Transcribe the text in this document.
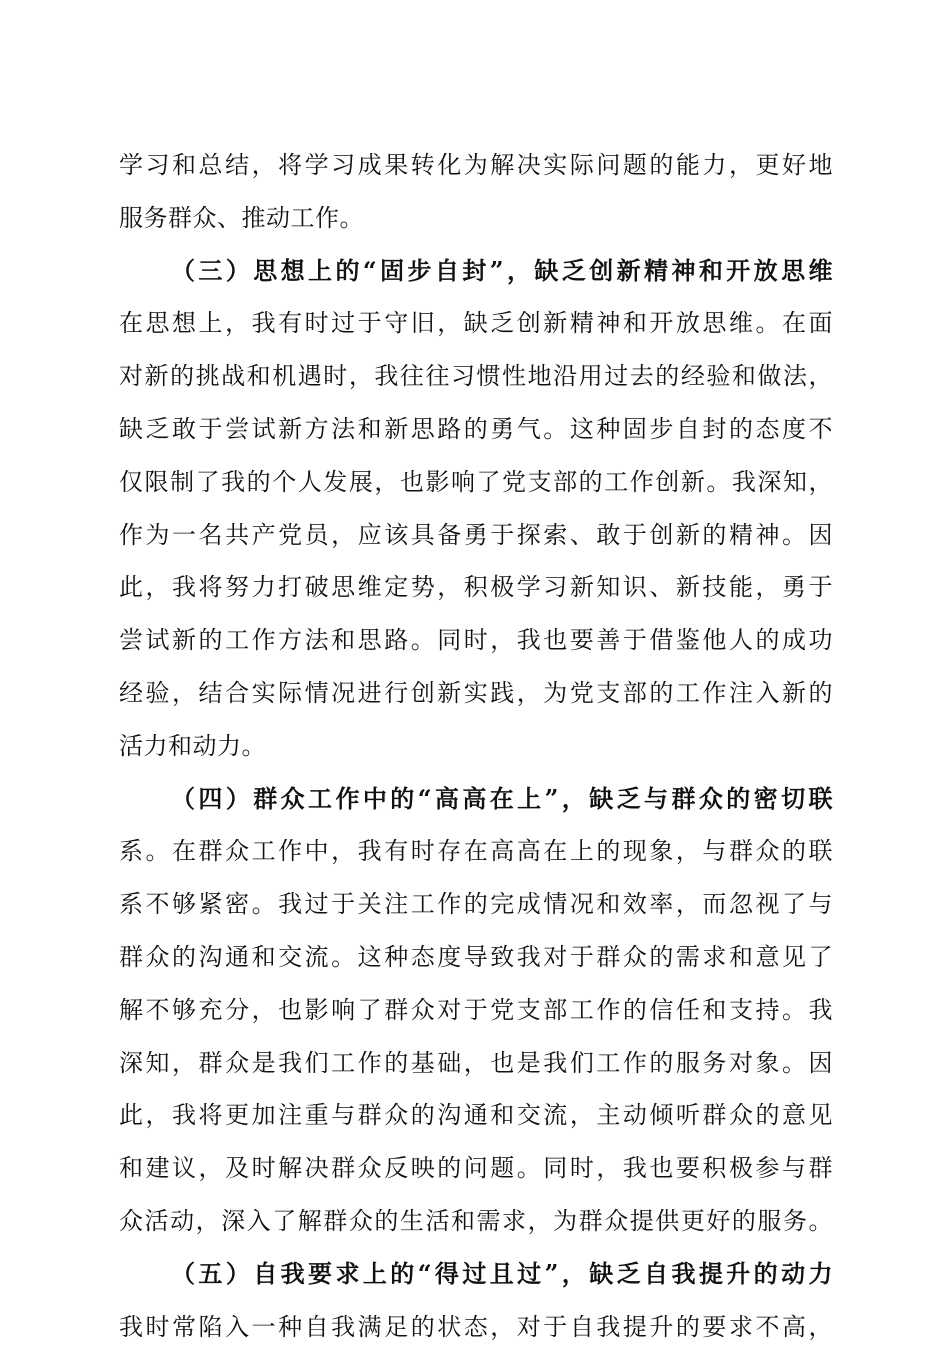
学习和总结，将学习成果转化为解决实际问题的能力，更好地
服务群众、推动工作。
（三）思想上的“固步自封”，缺乏创新精神和开放思维
在思想上，我有时过于守旧，缺乏创新精神和开放思维。在面
对新的挑战和机遇时，我往往习惯性地沿用过去的经验和做法，
缺乏敢于尝试新方法和新思路的勇气。这种固步自封的态度不
仅限制了我的个人发展，也影响了党支部的工作创新。我深知，
作为一名共产党员，应该具备勇于探索、敢于创新的精神。因
此，我将努力打破思维定势，积极学习新知识、新技能，勇于
尝试新的工作方法和思路。同时，我也要善于借鉴他人的成功
经验，结合实际情况进行创新实践，为党支部的工作注入新的
活力和动力。
（四）群众工作中的“高高在上”，缺乏与群众的密切联
系。在群众工作中，我有时存在高高在上的现象，与群众的联
系不够紧密。我过于关注工作的完成情况和效率，而忽视了与
群众的沟通和交流。这种态度导致我对于群众的需求和意见了
解不够充分，也影响了群众对于党支部工作的信任和支持。我
深知，群众是我们工作的基础，也是我们工作的服务对象。因
此，我将更加注重与群众的沟通和交流，主动倾听群众的意见
和建议，及时解决群众反映的问题。同时，我也要积极参与群
众活动，深入了解群众的生活和需求，为群众提供更好的服务。
（五）自我要求上的“得过且过”，缺乏自我提升的动力
我时常陷入一种自我满足的状态，对于自我提升的要求不高，
